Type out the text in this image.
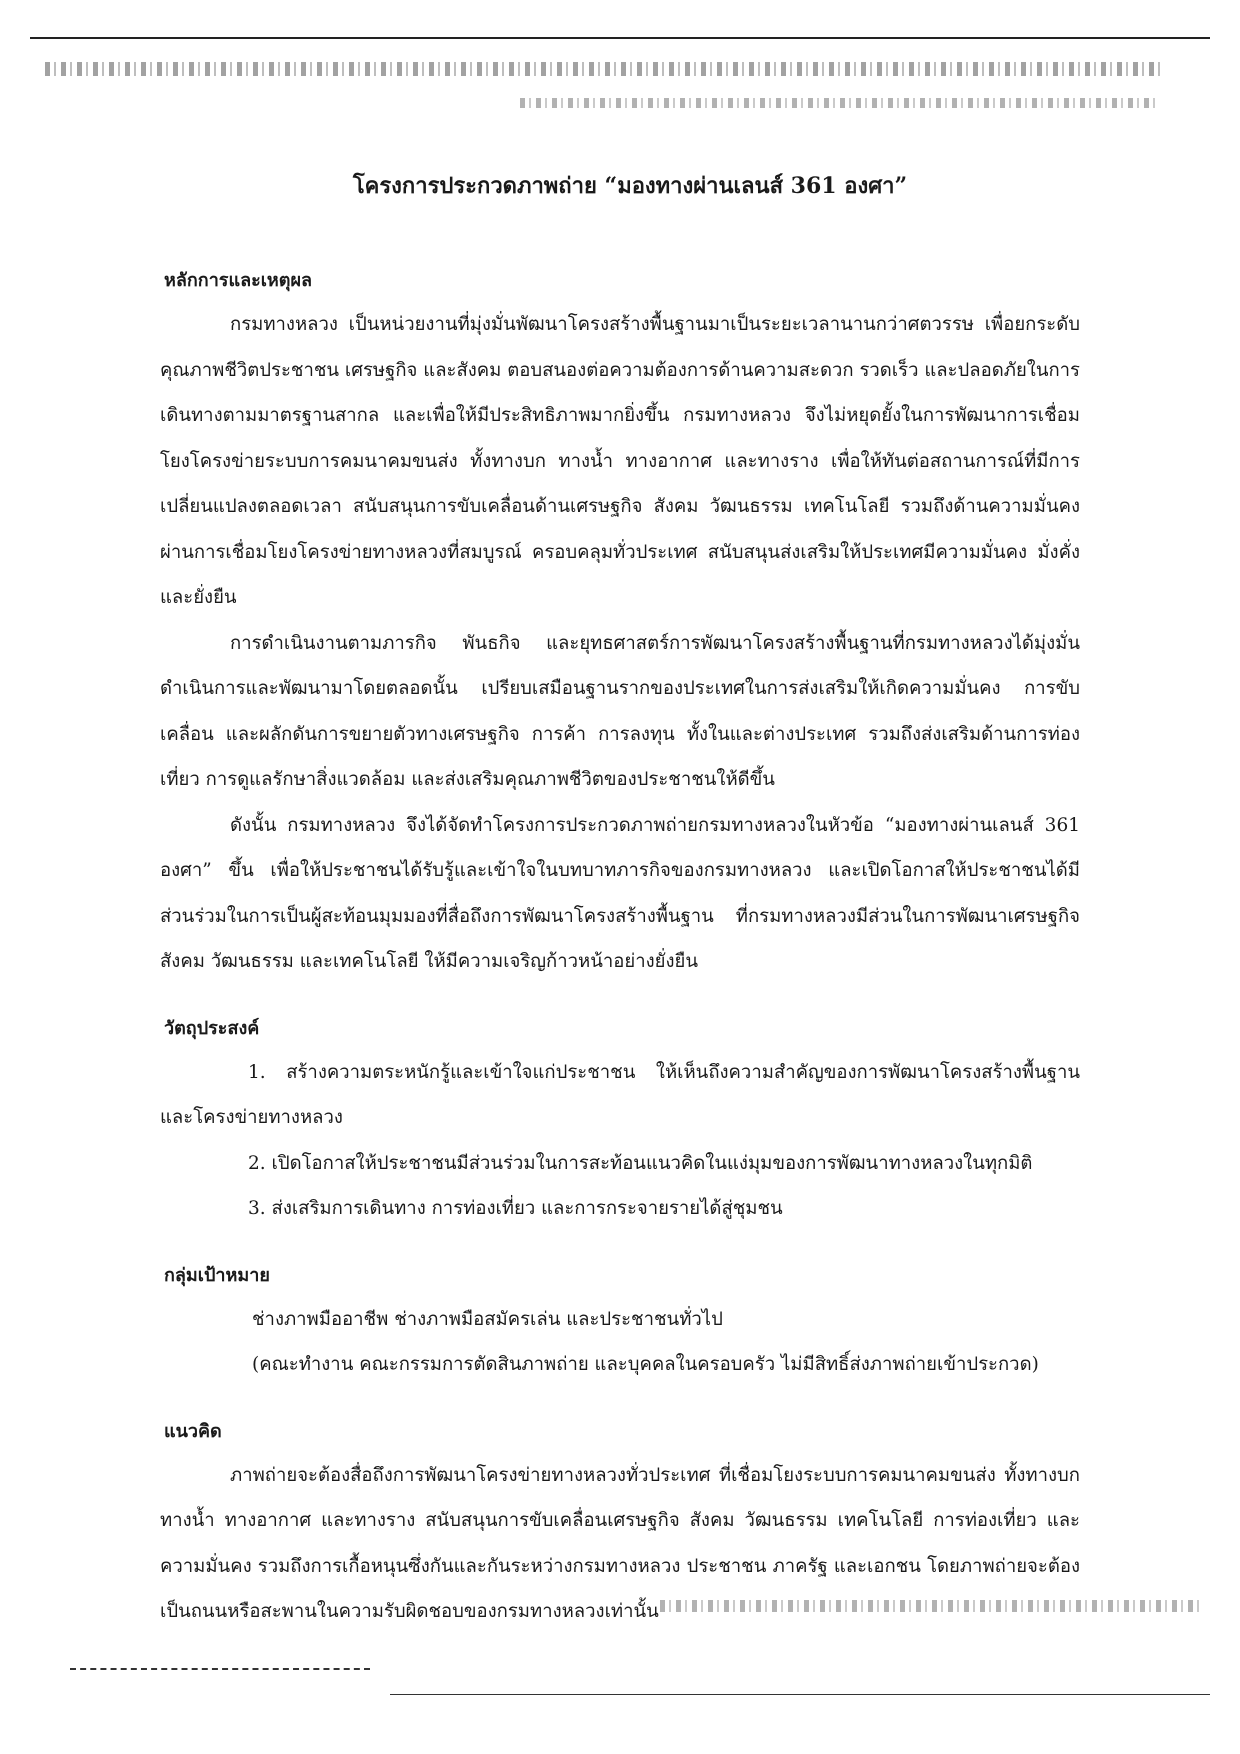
โครงการประกวดภาพถ่าย “มองทางผ่านเลนส์ 361 องศา”
หลักการและเหตุผล

กรมทางหลวง เป็นหน่วยงานที่มุ่งมั่นพัฒนาโครงสร้างพื้นฐานมาเป็นระยะเวลานานกว่าศตวรรษ เพื่อยกระดับคุณภาพชีวิตประชาชน เศรษฐกิจ และสังคม ตอบสนองต่อความต้องการด้านความสะดวก รวดเร็ว และปลอดภัยในการเดินทางตามมาตรฐานสากล และเพื่อให้มีประสิทธิภาพมากยิ่งขึ้น กรมทางหลวง จึงไม่หยุดยั้งในการพัฒนาการเชื่อมโยงโครงข่ายระบบการคมนาคมขนส่ง ทั้งทางบก ทางน้ำ ทางอากาศ และทางราง เพื่อให้ทันต่อสถานการณ์ที่มีการเปลี่ยนแปลงตลอดเวลา สนับสนุนการขับเคลื่อนด้านเศรษฐกิจ สังคม วัฒนธรรม เทคโนโลยี รวมถึงด้านความมั่นคง ผ่านการเชื่อมโยงโครงข่ายทางหลวงที่สมบูรณ์ ครอบคลุมทั่วประเทศ สนับสนุนส่งเสริมให้ประเทศมีความมั่นคง มั่งคั่ง และยั่งยืน

การดำเนินงานตามภารกิจ พันธกิจ และยุทธศาสตร์การพัฒนาโครงสร้างพื้นฐานที่กรมทางหลวงได้มุ่งมั่นดำเนินการและพัฒนามาโดยตลอดนั้น เปรียบเสมือนฐานรากของประเทศในการส่งเสริมให้เกิดความมั่นคง การขับเคลื่อน และผลักดันการขยายตัวทางเศรษฐกิจ การค้า การลงทุน ทั้งในและต่างประเทศ รวมถึงส่งเสริมด้านการท่องเที่ยว การดูแลรักษาสิ่งแวดล้อม และส่งเสริมคุณภาพชีวิตของประชาชนให้ดีขึ้น

ดังนั้น กรมทางหลวง จึงได้จัดทำโครงการประกวดภาพถ่ายกรมทางหลวงในหัวข้อ “มองทางผ่านเลนส์ 361 องศา” ขึ้น เพื่อให้ประชาชนได้รับรู้และเข้าใจในบทบาทภารกิจของกรมทางหลวง และเปิดโอกาสให้ประชาชนได้มีส่วนร่วมในการเป็นผู้สะท้อนมุมมองที่สื่อถึงการพัฒนาโครงสร้างพื้นฐาน ที่กรมทางหลวงมีส่วนในการพัฒนาเศรษฐกิจ สังคม วัฒนธรรม และเทคโนโลยี ให้มีความเจริญก้าวหน้าอย่างยั่งยืน

วัตถุประสงค์

1. สร้างความตระหนักรู้และเข้าใจแก่ประชาชน ให้เห็นถึงความสำคัญของการพัฒนาโครงสร้างพื้นฐานและโครงข่ายทางหลวง

2. เปิดโอกาสให้ประชาชนมีส่วนร่วมในการสะท้อนแนวคิดในแง่มุมของการพัฒนาทางหลวงในทุกมิติ

3. ส่งเสริมการเดินทาง การท่องเที่ยว และการกระจายรายได้สู่ชุมชน

กลุ่มเป้าหมาย

ช่างภาพมืออาชีพ ช่างภาพมือสมัครเล่น และประชาชนทั่วไป

(คณะทำงาน คณะกรรมการตัดสินภาพถ่าย และบุคคลในครอบครัว ไม่มีสิทธิ์ส่งภาพถ่ายเข้าประกวด)

แนวคิด

ภาพถ่ายจะต้องสื่อถึงการพัฒนาโครงข่ายทางหลวงทั่วประเทศ ที่เชื่อมโยงระบบการคมนาคมขนส่ง ทั้งทางบก ทางน้ำ ทางอากาศ และทางราง สนับสนุนการขับเคลื่อนเศรษฐกิจ สังคม วัฒนธรรม เทคโนโลยี การท่องเที่ยว และความมั่นคง รวมถึงการเกื้อหนุนซึ่งกันและกันระหว่างกรมทางหลวง ประชาชน ภาครัฐ และเอกชน โดยภาพถ่ายจะต้องเป็นถนนหรือสะพานในความรับผิดชอบของกรมทางหลวงเท่านั้น
